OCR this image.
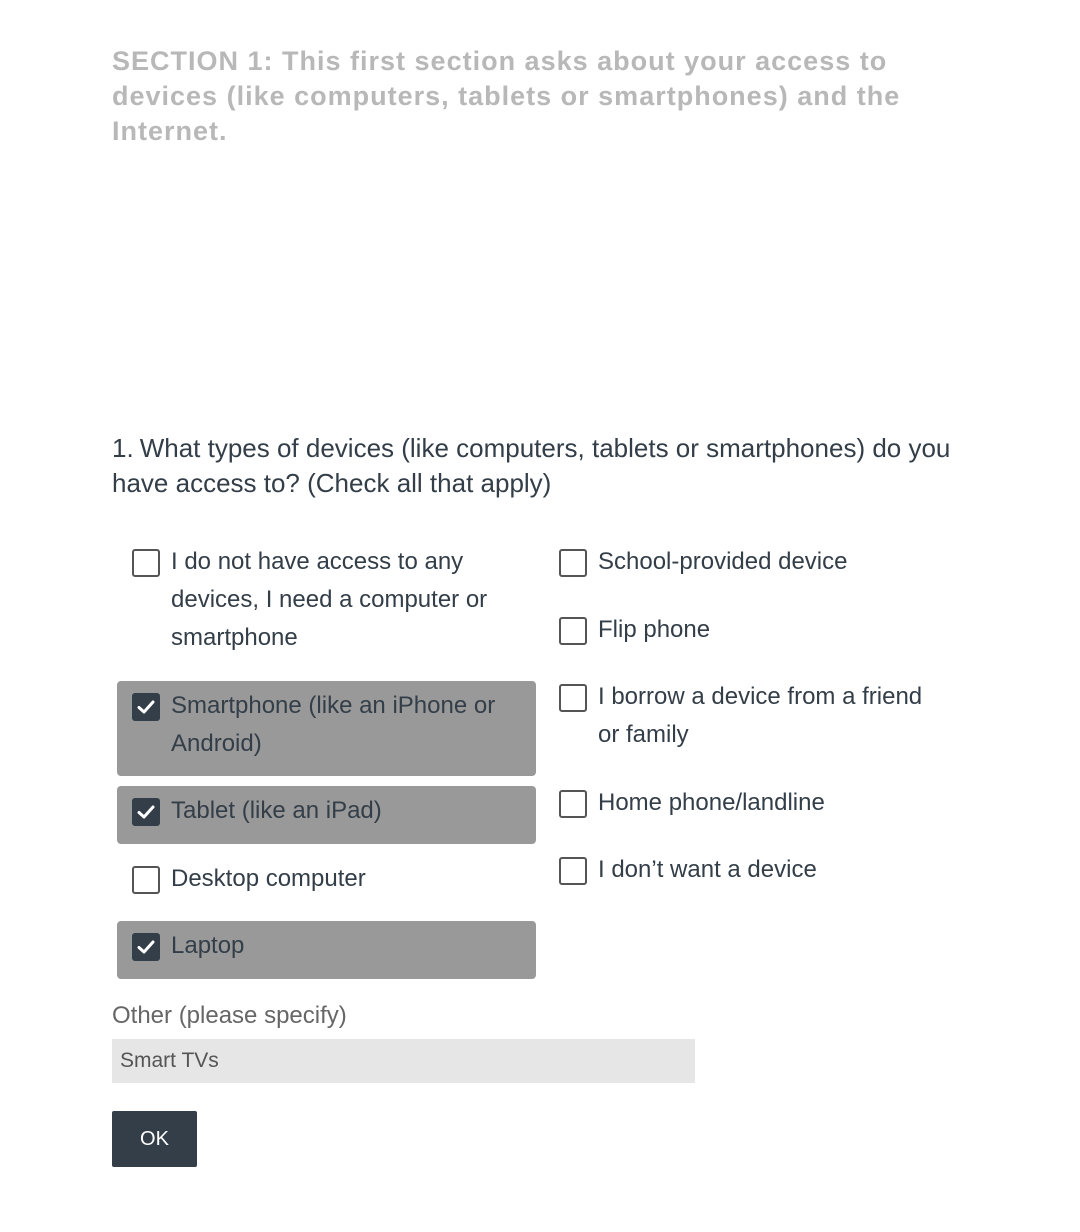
SECTION 1: This first section asks about your access to devices (like computers, tablets or smartphones) and the Internet.
1. What types of devices (like computers, tablets or smartphones) do you have access to? (Check all that apply)
I do not have access to any devices, I need a computer or smartphone
Smartphone (like an iPhone or Android)
Tablet (like an iPad)
Desktop computer
Laptop
School-provided device
Flip phone
I borrow a device from a friend or family
Home phone/landline
I don’t want a device
Other (please specify)
Smart TVs
OK
